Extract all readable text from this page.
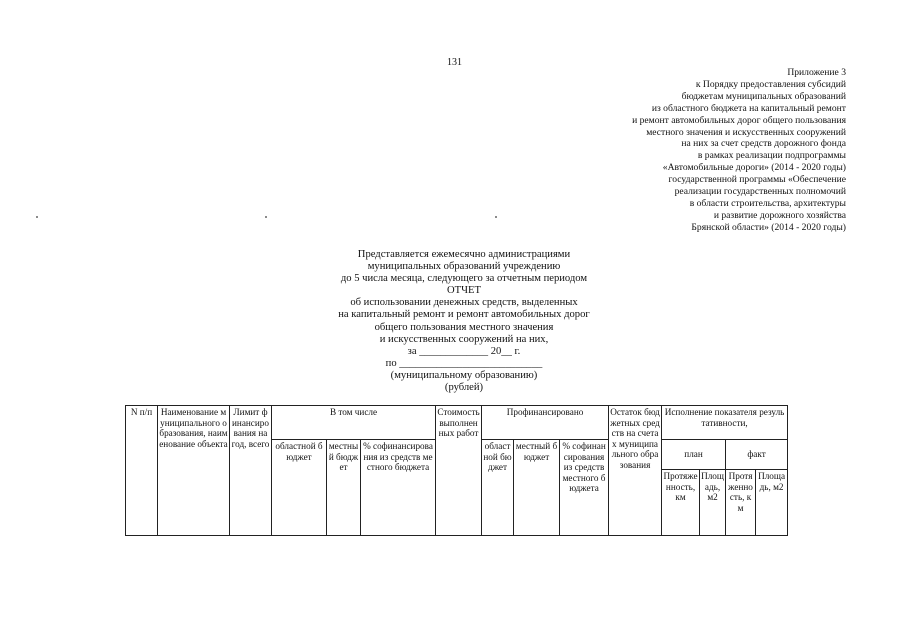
131
Приложение 3
к Порядку предоставления субсидий
бюджетам муниципальных образований
из областного бюджета на капитальный ремонт
и ремонт автомобильных дорог общего пользования
местного значения и искусственных сооружений
на них за счет средств дорожного фонда
в рамках реализации подпрограммы
«Автомобильные дороги» (2014 - 2020 годы)
государственной программы «Обеспечение
реализации государственных полномочий
в области строительства, архитектуры
и развитие дорожного хозяйства
Брянской области» (2014 - 2020 годы)
Представляется ежемесячно администрациями
муниципальных образований учреждению
до 5 числа месяца, следующего за отчетным периодом
ОТЧЕТ
об использовании денежных средств, выделенных
на капитальный ремонт и ремонт автомобильных дорог
общего пользования местного значения
и искусственных сооружений на них,
за _____________ 20__ г.
по ___________________________
(муниципальному образованию)
(рублей)
N п/п	Наименование муниципального образования, наименование объекта	Лимит финансирования на год, всего	В том числе			Стоимость выполненных работ	Профинансировано			Остаток бюджетных средств на счетах муниципального образования	Исполнение показателя результативности,			
			областной бюджет	местный бюджет	% софинансирования из средств местного бюджета		областной бюджет	местный бюджет	% софинансирования из средств местного бюджета		план		факт	
											Протяженность, км	Площадь, м2	Протяженность, км	Площадь, м2
